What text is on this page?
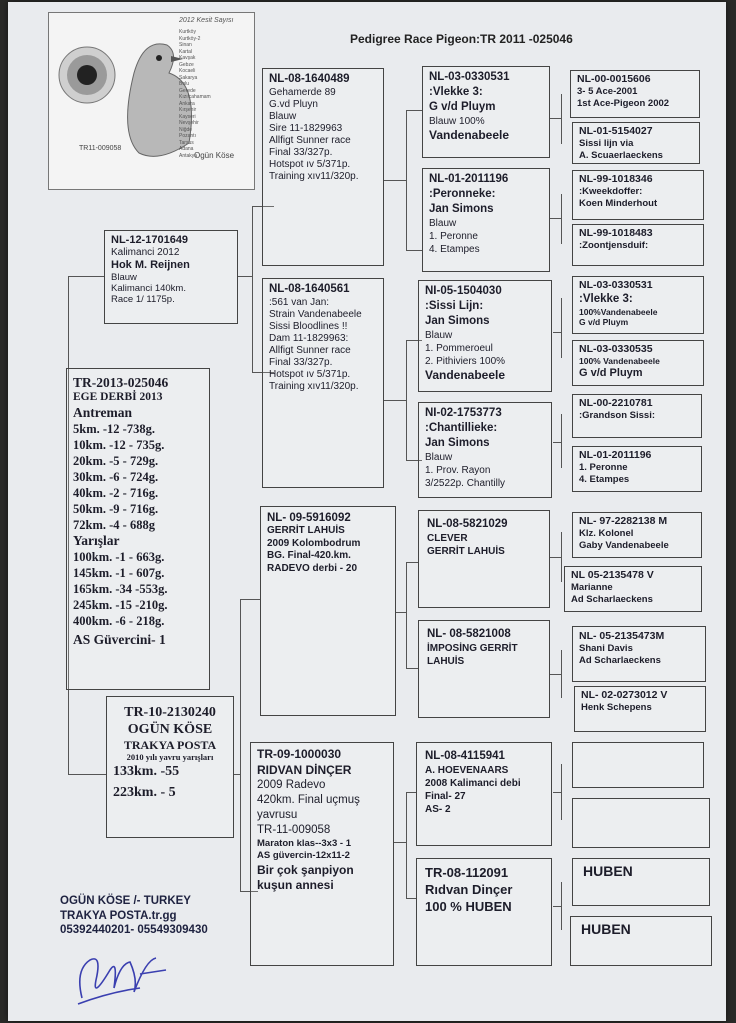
Pedigree Race Pigeon:TR 2011 -025046
2012 Kesit Sayısı
Kurtköy
Kurtköy-2
Sinan
Kartal
Kavşak
Gebze
Kocaeli
Sakarya
Bolu
Gerede
Kızılcahamam
Ankara
Kırşehir
Kayseri
Nevşehir
Niğde
Pozantı
Tarsus
Adana
Antakya
TR11-009058
Ogün Köse
NL-12-1701649
Kalimanci 2012
Hok M. Reijnen
Blauw
Kalimanci 140km.
Race 1/ 1175p.
TR-2013-025046
EGE DERBİ 2013
Antreman
5km. -12 -738g.
10km. -12 - 735g.
20km. -5 - 729g.
30km. -6 - 724g.
40km. -2 - 716g.
50km. -9 - 716g.
72km. -4 - 688g
Yarışlar
100km. -1 - 663g.
145km. -1 - 607g.
165km. -34 -553g.
245km. -15 -210g.
400km. -6 - 218g.
AS Güvercini- 1
TR-10-2130240
OGÜN KÖSE
TRAKYA POSTA
2010 yılı yavru yarışları
133km. -55
223km. - 5
NL-08-1640489
Gehamerde 89
G.vd Pluyn
Blauw
Sire 11-1829963
Allfigt Sunner race
Final 33/327p.
Hotspot ıv 5/371p.
Training xıv11/320p.
NL-08-1640561
:561 van Jan:
Strain Vandenabeele
Sissi Bloodlines !!
Dam 11-1829963:
Allfigt Sunner race
Final 33/327p.
Hotspot ıv 5/371p.
Training xıv11/320p.
NL- 09-5916092
GERRİT LAHUİS
2009 Kolombodrum
BG. Final-420.km.
RADEVO derbi - 20
TR-09-1000030
RIDVAN DİNÇER
2009 Radevo
420km. Final uçmuş
yavrusu
TR-11-009058
Maraton klas--3x3 - 1
AS güvercin-12x11-2
Bir çok şanpiyon
kuşun annesi
NL-03-0330531
:Vlekke 3:
G v/d Pluym
Blauw 100%
Vandenabeele
NL-01-2011196
:Peronneke:
Jan Simons
Blauw
1. Peronne
4. Etampes
NI-05-1504030
:Sissi Lijn:
Jan Simons
Blauw
1. Pommeroeul
2. Pithiviers 100%
Vandenabeele
NI-02-1753773
:Chantillieke:
Jan Simons
Blauw
1. Prov. Rayon
3/2522p. Chantilly
NL-08-5821029
CLEVER
GERRİT LAHUİS
NL- 08-5821008
İMPOSİNG GERRİT
LAHUİS
NL-08-4115941
A. HOEVENAARS
2008 Kalimanci debi
Final- 27
AS- 2
TR-08-112091
Rıdvan Dinçer
100 % HUBEN
NL-00-0015606
3- 5 Ace-2001
1st Ace-Pigeon 2002
NL-01-5154027
Sissi lijn via
A. Scuaerlaeckens
NL-99-1018346
:Kweekdoffer:
Koen Minderhout
NL-99-1018483
:Zoontjensduif:
NL-03-0330531
:Vlekke 3:
100%Vandenabeele
G v/d Pluym
NL-03-0330535
100% Vandenabeele
G v/d Pluym
NL-00-2210781
:Grandson Sissi:
NL-01-2011196
1. Peronne
4. Etampes
NL- 97-2282138 M
Klz. Kolonel
Gaby Vandenabeele
NL 05-2135478 V
Marianne
Ad Scharlaeckens
NL- 05-2135473M
Shani Davis
Ad Scharlaeckens
NL- 02-0273012 V
Henk Schepens
HUBEN
HUBEN
OGÜN KÖSE /- TURKEY
TRAKYA POSTA.tr.gg
05392440201- 05549309430
